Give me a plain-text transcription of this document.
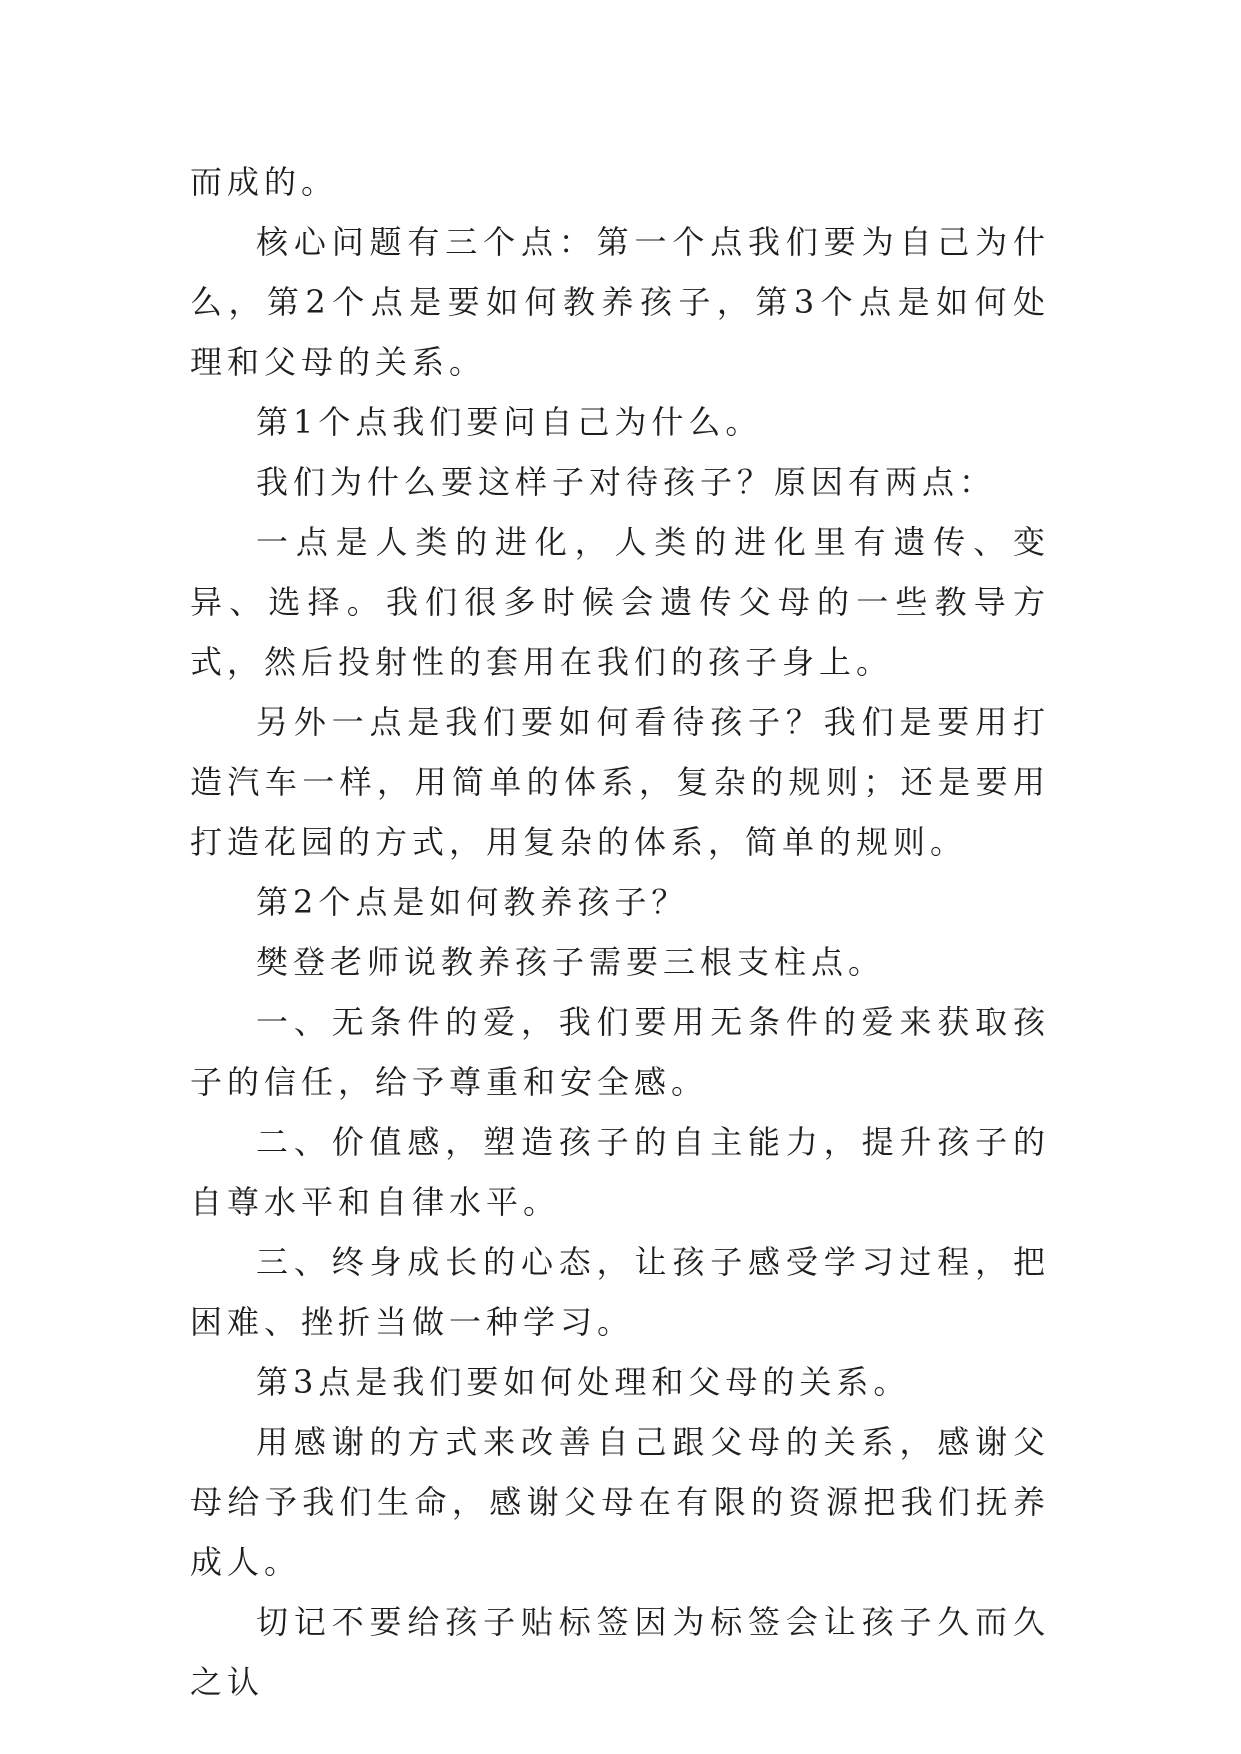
而成的。

核心问题有三个点：第一个点我们要为自己为什么，第2个点是要如何教养孩子，第3个点是如何处理和父母的关系。

第1个点我们要问自己为什么。

我们为什么要这样子对待孩子？原因有两点：

一点是人类的进化，人类的进化里有遗传、变异、选择。我们很多时候会遗传父母的一些教导方式，然后投射性的套用在我们的孩子身上。

另外一点是我们要如何看待孩子？我们是要用打造汽车一样，用简单的体系，复杂的规则；还是要用打造花园的方式，用复杂的体系，简单的规则。

第2个点是如何教养孩子？

樊登老师说教养孩子需要三根支柱点。

一、无条件的爱，我们要用无条件的爱来获取孩子的信任，给予尊重和安全感。

二、价值感，塑造孩子的自主能力，提升孩子的自尊水平和自律水平。

三、终身成长的心态，让孩子感受学习过程，把困难、挫折当做一种学习。

第3点是我们要如何处理和父母的关系。

用感谢的方式来改善自己跟父母的关系，感谢父母给予我们生命，感谢父母在有限的资源把我们抚养成人。

切记不要给孩子贴标签因为标签会让孩子久而久之认
